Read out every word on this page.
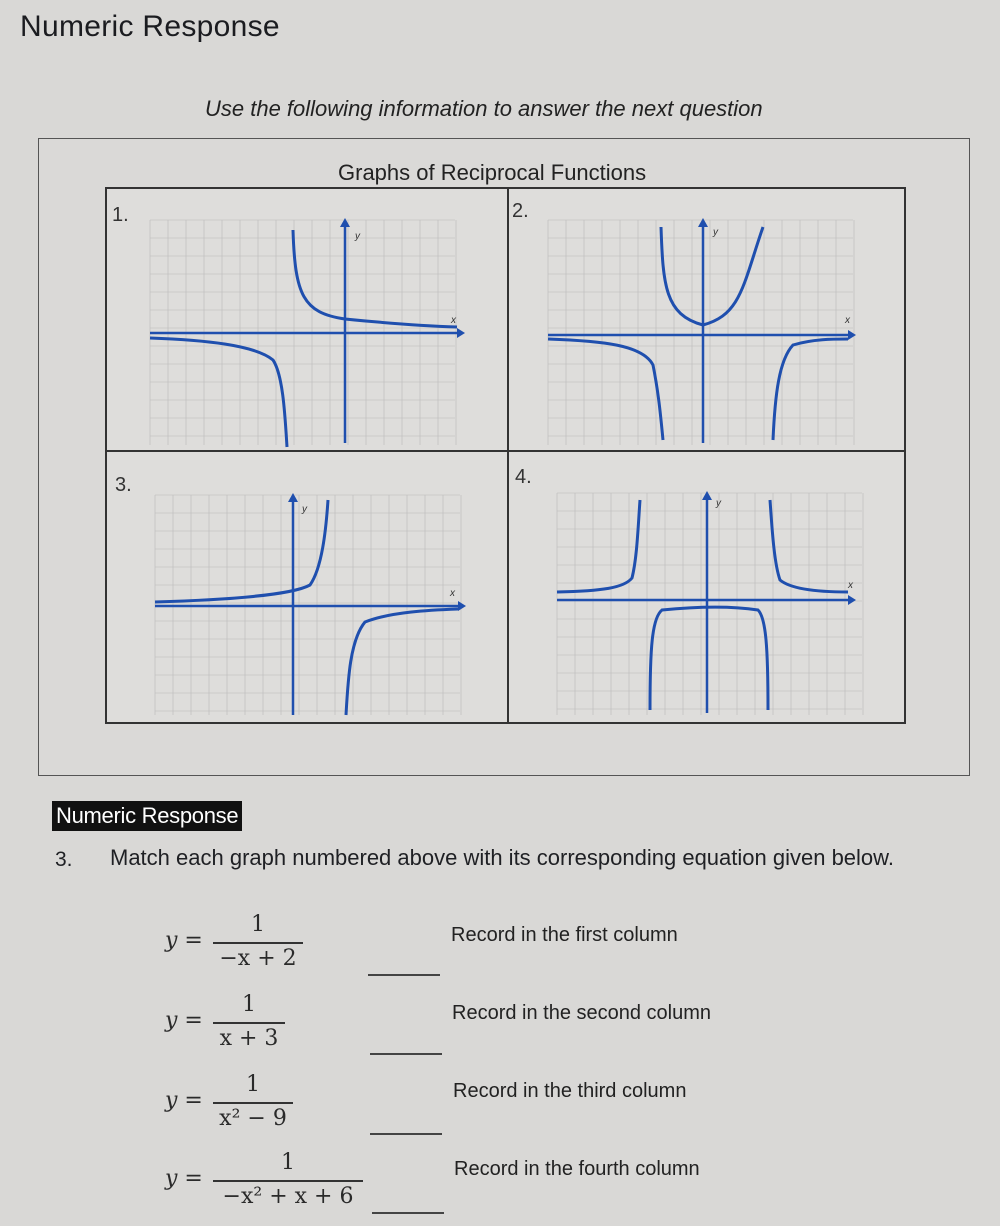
Numeric Response
Use the following information to answer the next question
Graphs of Reciprocal Functions
1.	2.
3.	4.
y
x
y
x
y
x
y
x
Numeric Response
3. Match each graph numbered above with its corresponding equation given below.
y =
1
−x + 2
Record in the first column
y =
1
x + 3
Record in the second column
y =
1
x² − 9
Record in the third column
y =
1
−x² + x + 6
Record in the fourth column
